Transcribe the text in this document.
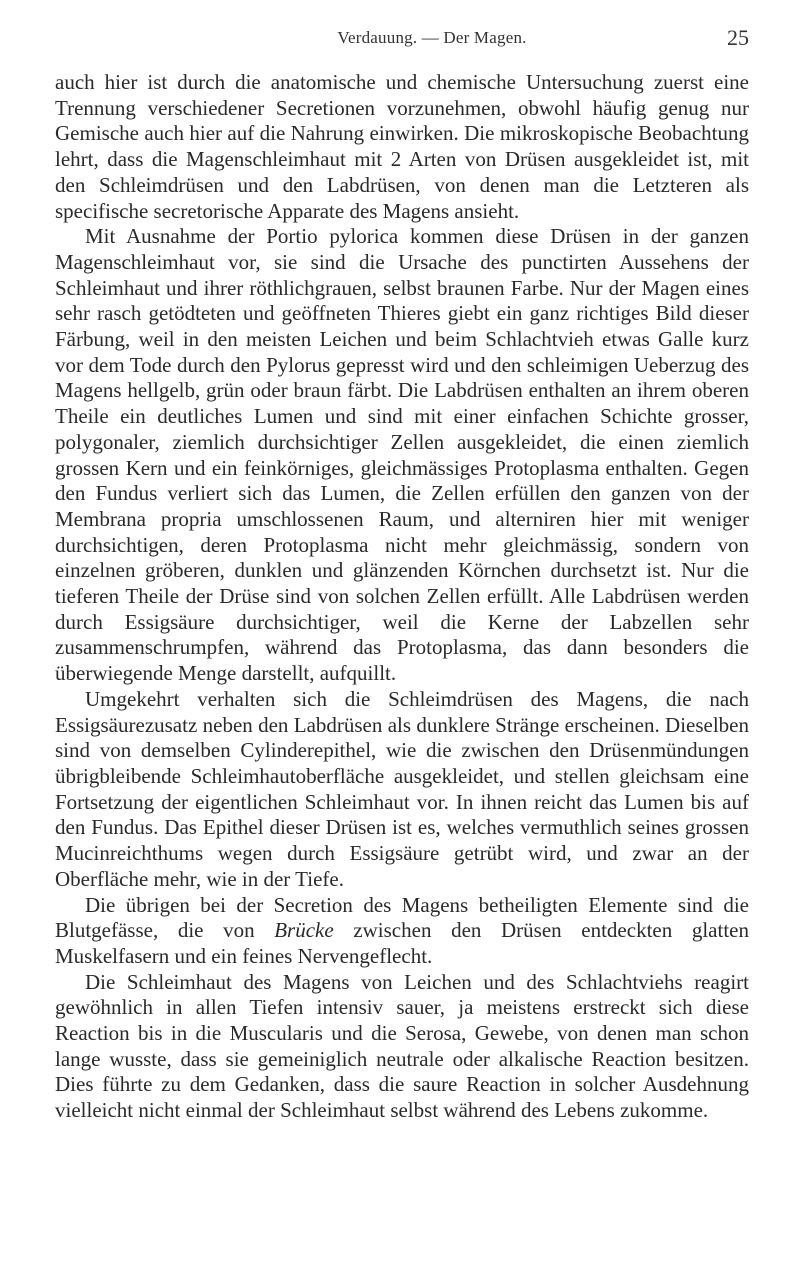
Verdauung. — Der Magen.	25

auch hier ist durch die anatomische und chemische Untersuchung zuerst eine Trennung verschiedener Secretionen vorzunehmen, obwohl häufig genug nur Gemische auch hier auf die Nahrung einwirken. Die mikroskopische Beobachtung lehrt, dass die Magenschleimhaut mit 2 Arten von Drüsen ausgekleidet ist, mit den Schleimdrüsen und den Labdrüsen, von denen man die Letzteren als specifische secretorische Apparate des Magens ansieht.

Mit Ausnahme der Portio pylorica kommen diese Drüsen in der ganzen Magenschleimhaut vor, sie sind die Ursache des punctirten Aussehens der Schleimhaut und ihrer röthlichgrauen, selbst braunen Farbe. Nur der Magen eines sehr rasch getödteten und geöffneten Thieres giebt ein ganz richtiges Bild dieser Färbung, weil in den meisten Leichen und beim Schlachtvieh etwas Galle kurz vor dem Tode durch den Pylorus gepresst wird und den schleimigen Ueberzug des Magens hellgelb, grün oder braun färbt. Die Labdrüsen enthalten an ihrem oberen Theile ein deutliches Lumen und sind mit einer einfachen Schichte grosser, polygonaler, ziemlich durchsichtiger Zellen ausgekleidet, die einen ziemlich grossen Kern und ein feinkörniges, gleichmässiges Protoplasma enthalten. Gegen den Fundus verliert sich das Lumen, die Zellen erfüllen den ganzen von der Membrana propria umschlossenen Raum, und alterniren hier mit weniger durchsichtigen, deren Protoplasma nicht mehr gleichmässig, sondern von einzelnen gröberen, dunklen und glänzenden Körnchen durchsetzt ist. Nur die tieferen Theile der Drüse sind von solchen Zellen erfüllt. Alle Labdrüsen werden durch Essigsäure durchsichtiger, weil die Kerne der Labzellen sehr zusammenschrumpfen, während das Protoplasma, das dann besonders die überwiegende Menge darstellt, aufquillt.

Umgekehrt verhalten sich die Schleimdrüsen des Magens, die nach Essigsäurezusatz neben den Labdrüsen als dunklere Stränge erscheinen. Dieselben sind von demselben Cylinderepithel, wie die zwischen den Drüsenmündungen übrigbleibende Schleimhautoberfläche ausgekleidet, und stellen gleichsam eine Fortsetzung der eigentlichen Schleimhaut vor. In ihnen reicht das Lumen bis auf den Fundus. Das Epithel dieser Drüsen ist es, welches vermuthlich seines grossen Mucinreichthums wegen durch Essigsäure getrübt wird, und zwar an der Oberfläche mehr, wie in der Tiefe.

Die übrigen bei der Secretion des Magens betheiligten Elemente sind die Blutgefässe, die von Brücke zwischen den Drüsen entdeckten glatten Muskelfasern und ein feines Nervengeflecht.

Die Schleimhaut des Magens von Leichen und des Schlachtviehs reagirt gewöhnlich in allen Tiefen intensiv sauer, ja meistens erstreckt sich diese Reaction bis in die Muscularis und die Serosa, Gewebe, von denen man schon lange wusste, dass sie gemeiniglich neutrale oder alkalische Reaction besitzen. Dies führte zu dem Gedanken, dass die saure Reaction in solcher Ausdehnung vielleicht nicht einmal der Schleimhaut selbst während des Lebens zukomme.
